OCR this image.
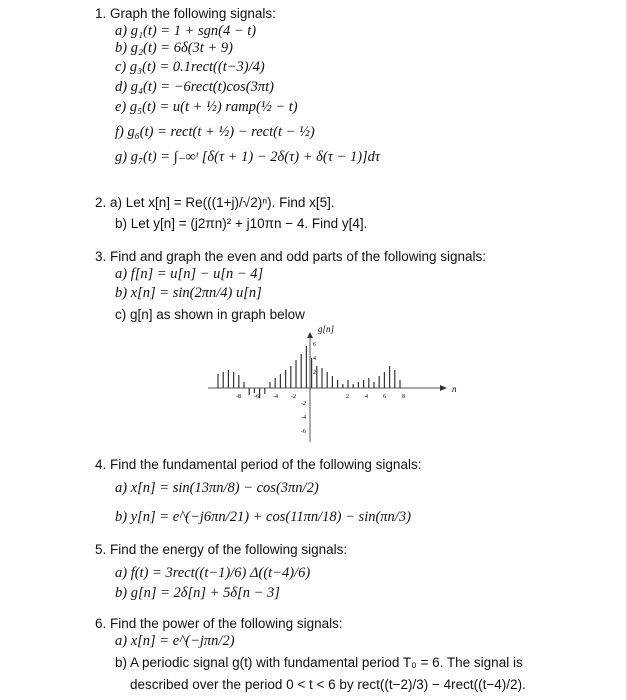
1. Graph the following signals:
a) g₁(t) = 1 + sgn(4 − t)
b) g₂(t) = 6δ(3t + 9)
c) g₃(t) = 0.1rect((t−3)/4)
d) g₄(t) = −6rect(t)cos(3πt)
e) g₅(t) = u(t + ½) ramp(½ − t)
f) g₆(t) = rect(t + ½) − rect(t − ½)
g) g₇(t) = ∫₋∞ᵗ [δ(τ + 1) − 2δ(τ) + δ(τ − 1)]dτ
2. a) Let x[n] = Re(((1+j)/√2)ⁿ). Find x[5].
b) Let y[n] = (j2πn)² + j10πn − 4. Find y[4].
3. Find and graph the even and odd parts of the following signals:
a) f[n] = u[n] − u[n − 4]
b) x[n] = sin(2πn/4) u[n]
c) g[n] as shown in graph below
g[n]
n
-8 -6 -4 -2	2	4	6	8
6
4
2
-2
-4
-6
4. Find the fundamental period of the following signals:
a) x[n] = sin(13πn/8) − cos(3πn/2)
b) y[n] = e^(−j6πn/21) + cos(11πn/18) − sin(πn/3)
5. Find the energy of the following signals:
a) f(t) = 3rect((t−1)/6) Δ((t−4)/6)
b) g[n] = 2δ[n] + 5δ[n − 3]
6. Find the power of the following signals:
a) x[n] = e^(−jπn/2)
b) A periodic signal g(t) with fundamental period T₀ = 6. The signal is
described over the period 0 < t < 6 by rect((t−2)/3) − 4rect((t−4)/2).
